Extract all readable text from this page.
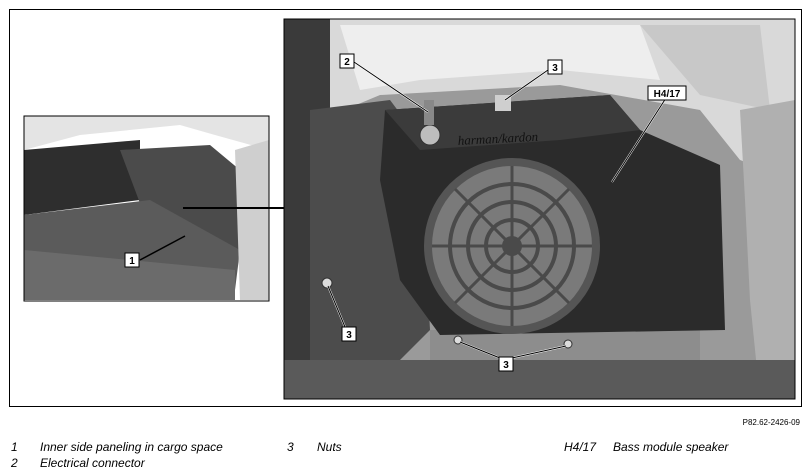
harman/kardon
1
2
3
3
3
H4/17
P82.62-2426-09
1 Inner side paneling in cargo space
2 Electrical connector
3 Nuts	H4/17 Bass module speaker
